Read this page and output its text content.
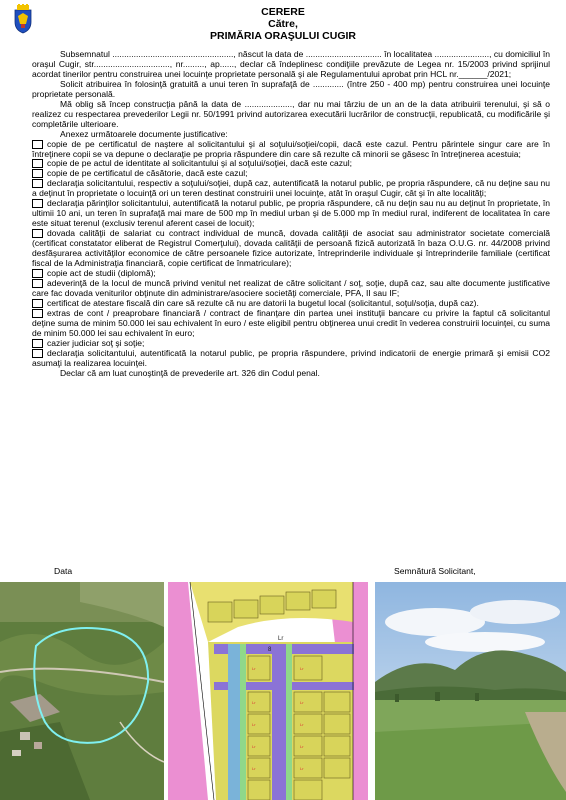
CERERE
Către,
PRIMĂRIA ORAŞULUI CUGIR

Subsemnatul ..................................................., născut la data de ................................ în localitatea ......................., cu domiciliul în oraşul Cugir, str................................, nr........., ap......, declar că îndeplinesc condiţiile prevăzute de Legea nr. 15/2003 privind sprijinul acordat tinerilor pentru construirea unei locuinţe proprietate personală şi ale Regulamentului aprobat prin HCL nr.______/2021;

Solicit atribuirea în folosinţă gratuită a unui teren în suprafaţă de ............. (între 250 - 400 mp) pentru construirea unei locuinţe proprietate personală.

Mă oblig să încep construcţia până la data de ...................., dar nu mai târziu de un an de la data atribuirii terenului, şi să o realizez cu respectarea prevederilor Legii nr. 50/1991 privind autorizarea executării lucrărilor de construcţii, republicată, cu modificările şi completările ulterioare.

Anexez următoarele documente justificative:

copie de pe certificatul de naştere al solicitantului şi al soţului/soţiei/copii, dacă este cazul. Pentru părintele singur care are în întreţinere copii se va depune o declaraţie pe propria răspundere din care să rezulte că minorii se găsesc în întreţinerea acestuia;

copie de pe actul de identitate al solicitantului şi al soţului/soţiei, dacă este cazul;

copie de pe certificatul de căsătorie, dacă este cazul;

declaraţia solicitantului, respectiv a soţului/soţiei, după caz, autentificată la notarul public, pe propria răspundere, că nu deţine sau nu a deţinut în proprietate o locuinţă ori un teren destinat construirii unei locuinţe, atât în oraşul Cugir, cât şi în alte localităţi;

declaraţia părinţilor solicitantului, autentificată la notarul public, pe propria răspundere, că nu deţin sau nu au deţinut în proprietate, în ultimii 10 ani, un teren în suprafaţă mai mare de 500 mp în mediul urban şi de 5.000 mp în mediul rural, indiferent de localitatea în care este situat terenul (exclusiv terenul aferent casei de locuit);

dovada calităţii de salariat cu contract individual de muncă, dovada calităţii de asociat sau administrator societate comercială (certificat constatator eliberat de Registrul Comerţului), dovada calităţii de persoană fizică autorizată în baza O.U.G. nr. 44/2008 privind desfăşurarea activităţilor economice de către persoanele fizice autorizate, întreprinderile individuale şi întreprinderile familiale (certificat fiscal de la Administraţia financiară, copie certificat de înmatriculare);

copie act de studii (diplomă);

adeverinţă de la locul de muncă privind venitul net realizat de către solicitant / soţ, soţie, după caz, sau alte documente justificative care fac dovada veniturilor obţinute din administrare/asociere societăţi comerciale, PFA, II sau IF;

certificat de atestare fiscală din care să rezulte că nu are datorii la bugetul local (solicitantul, soţul/soţia, după caz).

extras de cont / preaprobare financiară / contract de finanţare din partea unei instituţii bancare cu privire la faptul că solicitantul deţine suma de minim 50.000 lei sau echivalent în euro / este eligibil pentru obţinerea unui credit în vederea construirii locuinţei, cu suma de minim 50.000 lei sau echivalent în euro;

cazier judiciar soţ şi soţie;

declaraţia solicitantului, autentificată la notarul public, pe propria răspundere, privind indicatorii de energie primară şi emisii CO2 asumaţi la realizarea locuinţei.

Declar că am luat cunoştinţă de prevederile art. 326 din Codul penal.

Data	Semnătură Solicitant,
Lr	Lr
Lr	Lr
Lr	Lr
Lr	Lr
Lr	Lr
Lr
8
